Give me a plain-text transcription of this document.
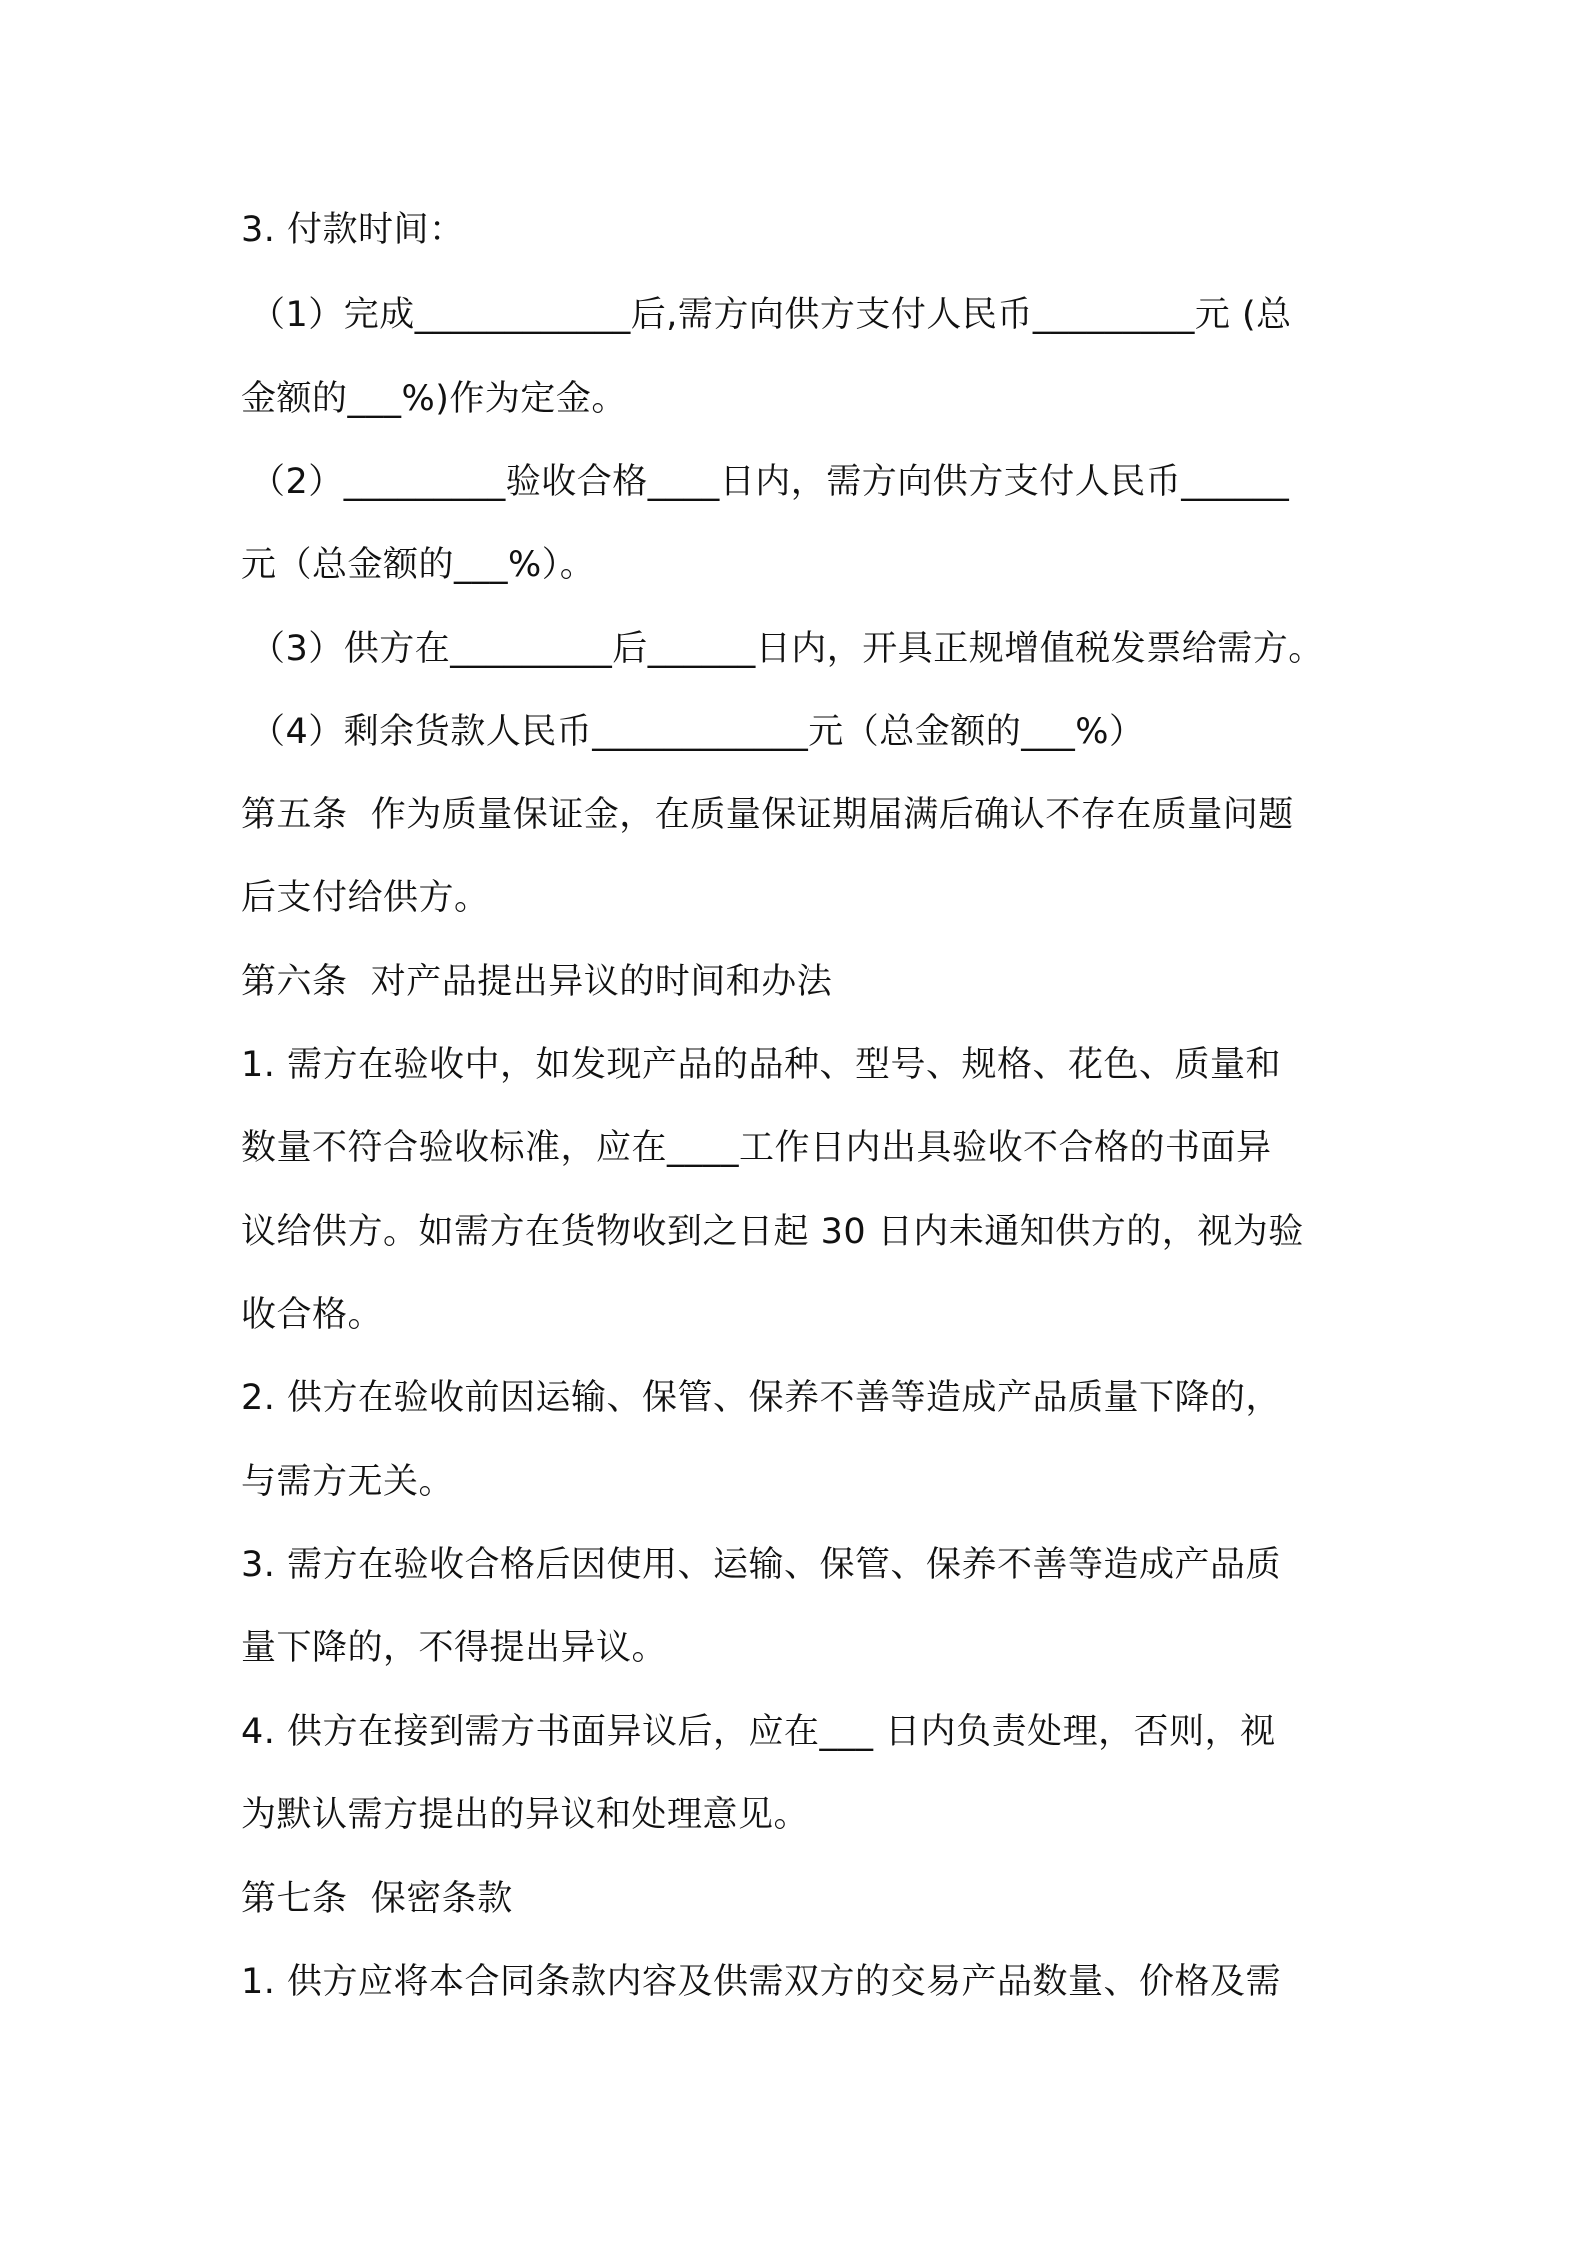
3. 付款时间：
（1）完成____________后,需方向供方支付人民币_________元 (总
金额的___%)作为定金。
（2）_________验收合格____日内，需方向供方支付人民币______
元（总金额的___%）。
（3）供方在_________后______日内，开具正规增值税发票给需方。
（4）剩余货款人民币____________元（总金额的___%）
第五条  作为质量保证金，在质量保证期届满后确认不存在质量问题
后支付给供方。
第六条  对产品提出异议的时间和办法
1. 需方在验收中，如发现产品的品种、型号、规格、花色、质量和
数量不符合验收标准，应在____工作日内出具验收不合格的书面异
议给供方。如需方在货物收到之日起 30 日内未通知供方的，视为验
收合格。
2. 供方在验收前因运输、保管、保养不善等造成产品质量下降的，
与需方无关。
3. 需方在验收合格后因使用、运输、保管、保养不善等造成产品质
量下降的，不得提出异议。
4. 供方在接到需方书面异议后，应在___ 日内负责处理，否则，视
为默认需方提出的异议和处理意见。
第七条  保密条款
1. 供方应将本合同条款内容及供需双方的交易产品数量、价格及需
